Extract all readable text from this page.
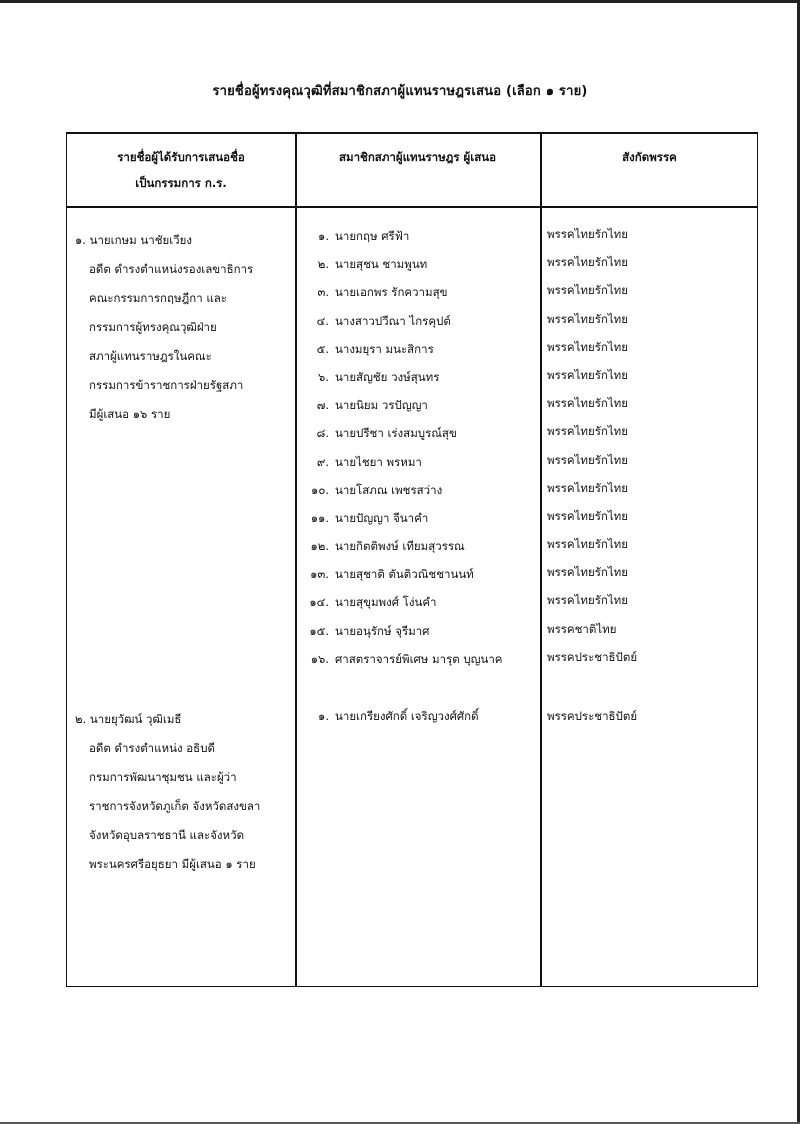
รายชื่อผู้ทรงคุณวุฒิที่สมาชิกสภาผู้แทนราษฎรเสนอ (เลือก ๑ ราย)
รายชื่อผู้ได้รับการเสนอชื่อ
เป็นกรรมการ ก.ร.
สมาชิกสภาผู้แทนราษฎร ผู้เสนอ	สังกัดพรรค
๑. นายเกษม นาชัยเวียง
อดีต ดำรงตำแหน่งรองเลขาธิการ
คณะกรรมการกฤษฎีกา และ
กรรมการผู้ทรงคุณวุฒิฝ่าย
สภาผู้แทนราษฎรในคณะ
กรรมการข้าราชการฝ่ายรัฐสภา
มีผู้เสนอ ๑๖ ราย
๑. นายกฤษ ศรีฟ้า
๒. นายสุชน ชามพูนท
๓. นายเอกพร รักความสุข
๔. นางสาวปวีณา ไกรคุปต์
๕. นางมยุรา มนะสิการ
๖. นายสัญชัย วงษ์สุนทร
๗. นายนิยม วรปัญญา
๘. นายปรีชา เร่งสมบูรณ์สุข
๙. นายไชยา พรหมา
๑๐. นายโสภณ เพชรสว่าง
๑๑. นายปัญญา จีนาคำ
๑๒. นายกิตติพงษ์ เทียมสุวรรณ
๑๓. นายสุชาติ ตันติวณิชชานนท์
๑๔. นายสุขุมพงศ์ โง่นคำ
๑๕. นายอนุรักษ์ จุรีมาศ
๑๖. ศาสตราจารย์พิเศษ มารุต บุญนาค
พรรคไทยรักไทย
พรรคไทยรักไทย
พรรคไทยรักไทย
พรรคไทยรักไทย
พรรคไทยรักไทย
พรรคไทยรักไทย
พรรคไทยรักไทย
พรรคไทยรักไทย
พรรคไทยรักไทย
พรรคไทยรักไทย
พรรคไทยรักไทย
พรรคไทยรักไทย
พรรคไทยรักไทย
พรรคไทยรักไทย
พรรคชาติไทย
พรรคประชาธิปัตย์
๒. นายยุวัฒน์ วุฒิเมธี
อดีต ดำรงตำแหน่ง อธิบดี
กรมการพัฒนาชุมชน และผู้ว่า
ราชการจังหวัดภูเก็ต จังหวัดสงขลา
จังหวัดอุบลราชธานี และจังหวัด
พระนครศรีอยุธยา มีผู้เสนอ ๑ ราย
๑. นายเกรียงศักดิ์ เจริญวงศ์ศักดิ์	พรรคประชาธิปัตย์
